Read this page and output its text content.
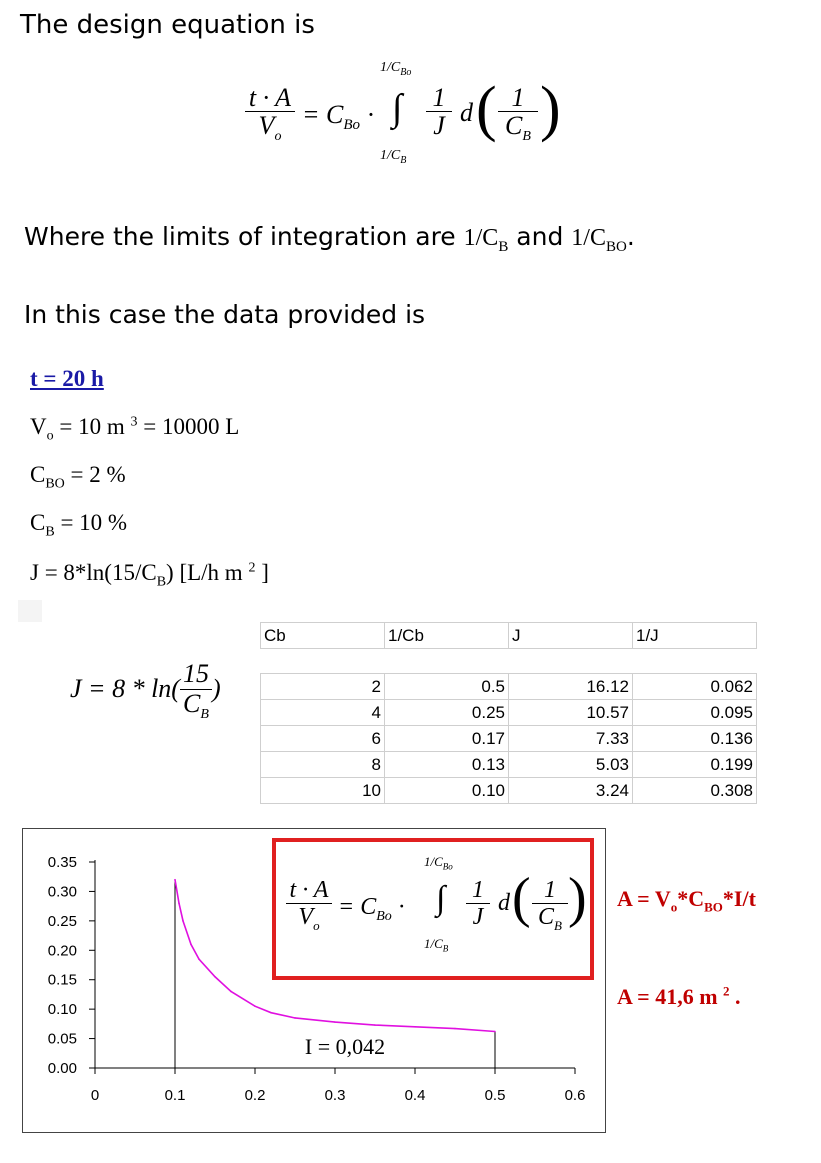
The design equation is
$\frac{t \cdot A}{V_o} = C_{Bo}$ ·
$1/C_{Bo}$
∫
$1/C_B$
$\frac{1}{J}$ d ( $\frac{1}{C_B}$ )
Where the limits of integration are $1/C_B$ and $1/C_{BO}$.
In this case the data provided is
t = 20 h
$V_o = 10$ m $^3$ = 10000 L
$C_{BO} = 2$ %
$C_B = 10$ %
$J = 8*\ln(15/C_B)$ [L/h m $^2$ ]
$J = 8 * \ln( \frac{15}{C_B}$ )
Cb	1/Cb	J	1/J

2	0.5	16.12	0.062
4	0.25	10.57	0.095
6	0.17	7.33	0.136
8	0.13	5.03	0.199
10	0.10	3.24	0.308
0.00
0.05
0.10
0.15
0.20
0.25
0.30
0.35
0	0.1	0.2	0.3	0.4	0.5	0.6
I = 0,042
$\frac{t \cdot A}{V_o} = C_{Bo}$ ·
$1/C_{Bo}$
∫
$1/C_B$
$\frac{1}{J}$ d ( $\frac{1}{C_B}$ ) $A = V_o*C_{BO}*I/t$
A = 41,6 m $^2$ .
